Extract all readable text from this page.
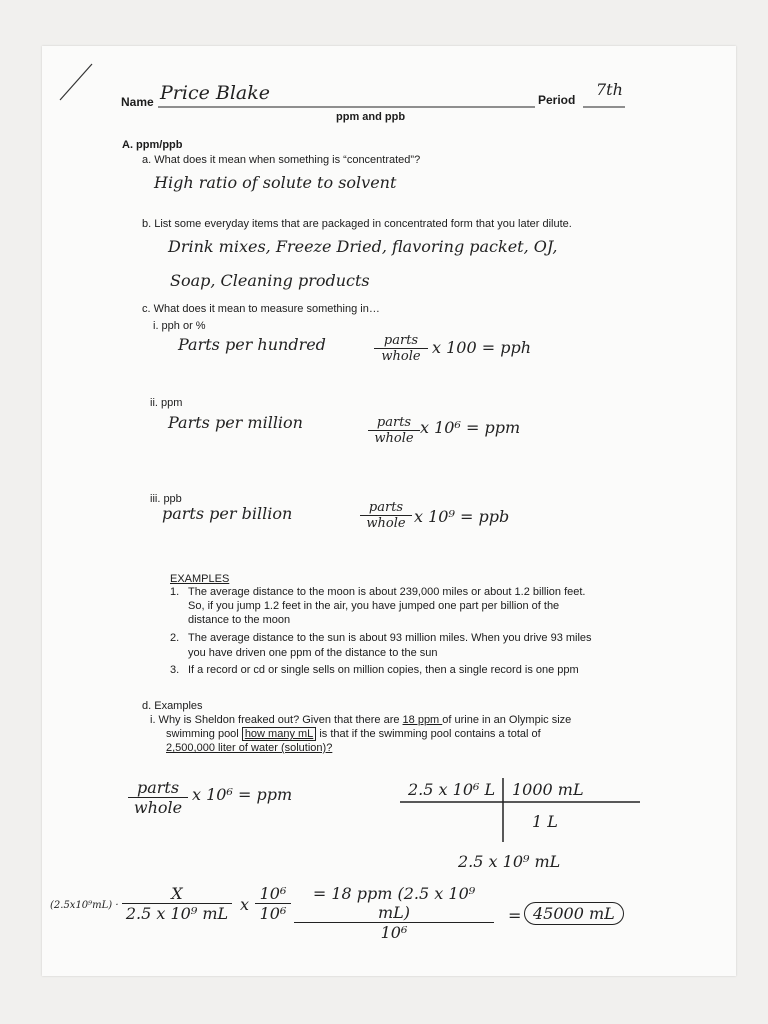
Name Price Blake	Period
7th
ppm and ppb
A. ppm/ppb
a. What does it mean when something is “concentrated”?
High ratio of solute to solvent
b. List some everyday items that are packaged in concentrated form that you later dilute.
Drink mixes, Freeze Dried, flavoring packet, OJ,
Soap, Cleaning products
c. What does it mean to measure something in…
i. pph or %
Parts per hundred	parts
whole x 100 = pph
ii. ppm
Parts per million	parts
whole
x 10⁶ = ppm
iii. ppb
parts per billion	parts
whole x 10⁹ = ppb
EXAMPLES
1. The average distance to the moon is about 239,000 miles or about 1.2 billion feet.
So, if you jump 1.2 feet in the air, you have jumped one part per billion of the
distance to the moon
2. The average distance to the sun is about 93 million miles. When you drive 93 miles
you have driven one ppm of the distance to the sun
3. If a record or cd or single sells on million copies, then a single record is one ppm
d. Examples
i. Why is Sheldon freaked out? Given that there are 18 ppm of urine in an Olympic size
swimming pool how many mL is that if the swimming pool contains a total of
2,500,000 liter of water (solution)?
parts
whole
x 10⁶ = ppm	2.5 x 10⁶ L 1000 mL
1 L
2.5 x 10⁹ mL
$(2.5x10^9mL) \cdot \frac{X}{\text{2.5 x 10⁹ mL}}$ x $\frac{\text{10⁶}}{\text{10⁶}}$	= 18 ppm (2.5 x 10⁹ mL)
10⁶
= 45000 mL
